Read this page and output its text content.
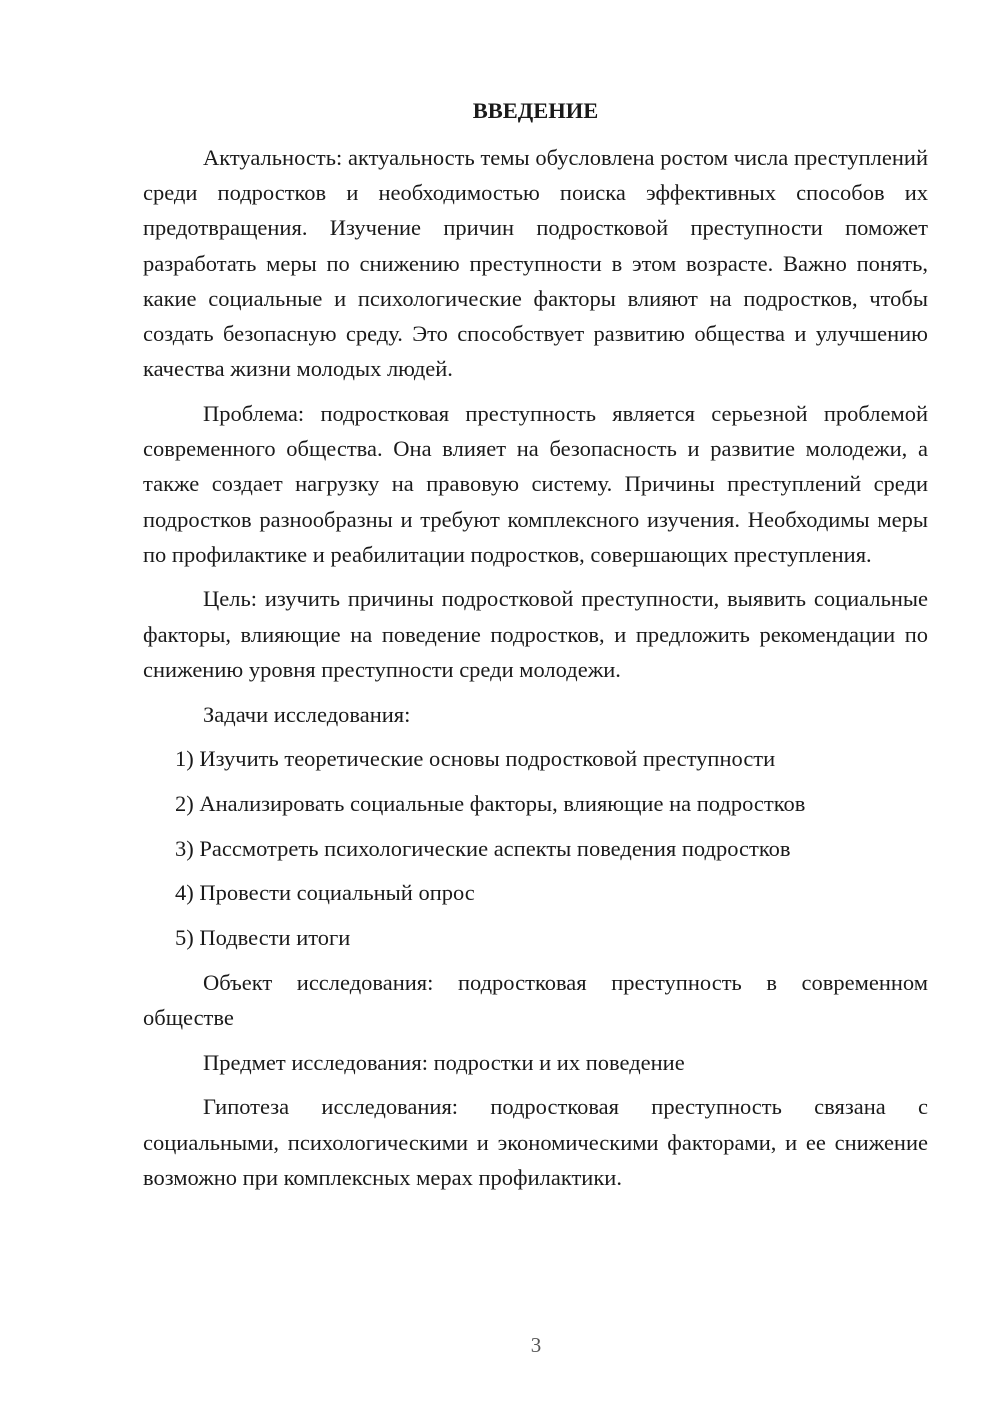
ВВЕДЕНИЕ

Актуальность: актуальность темы обусловлена ростом числа преступлений среди подростков и необходимостью поиска эффективных способов их предотвращения. Изучение причин подростковой преступности поможет разработать меры по снижению преступности в этом возрасте. Важно понять, какие социальные и психологические факторы влияют на подростков, чтобы создать безопасную среду. Это способствует развитию общества и улучшению качества жизни молодых людей.

Проблема: подростковая преступность является серьезной проблемой современного общества. Она влияет на безопасность и развитие молодежи, а также создает нагрузку на правовую систему. Причины преступлений среди подростков разнообразны и требуют комплексного изучения. Необходимы меры по профилактике и реабилитации подростков, совершающих преступления.

Цель: изучить причины подростковой преступности, выявить социальные факторы, влияющие на поведение подростков, и предложить рекомендации по снижению уровня преступности среди молодежи.

Задачи исследования:

1) Изучить теоретические основы подростковой преступности
2) Анализировать социальные факторы, влияющие на подростков
3) Рассмотреть психологические аспекты поведения подростков
4) Провести социальный опрос
5) Подвести итоги

Объект исследования: подростковая преступность в современном обществе

Предмет исследования: подростки и их поведение

Гипотеза исследования: подростковая преступность связана с социальными, психологическими и экономическими факторами, и ее снижение возможно при комплексных мерах профилактики.

3
